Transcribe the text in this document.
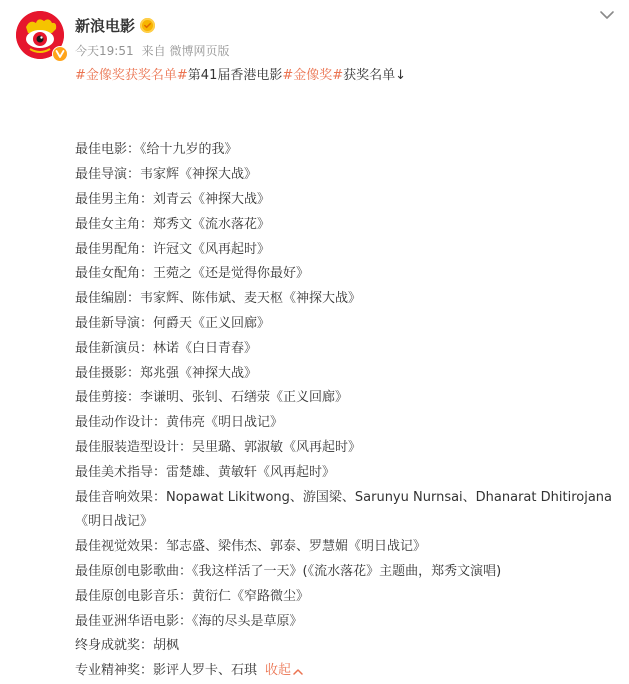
新浪电影
今天19:51 来自 微博网页版

#金像奖获奖名单#第41届香港电影#金像奖#获奖名单↓

最佳电影：《给十九岁的我》
最佳导演：韦家辉《神探大战》
最佳男主角：刘青云《神探大战》
最佳女主角：郑秀文《流水落花》
最佳男配角：许冠文《风再起时》
最佳女配角：王菀之《还是觉得你最好》
最佳编剧：韦家辉、陈伟斌、麦天枢《神探大战》
最佳新导演：何爵天《正义回廊》
最佳新演员：林诺《白日青春》
最佳摄影：郑兆强《神探大战》
最佳剪接：李谦明、张钊、石缮荥《正义回廊》
最佳动作设计：黄伟亮《明日战记》
最佳服装造型设计：吴里璐、郭淑敏《风再起时》
最佳美术指导：雷楚雄、黄敏轩《风再起时》
最佳音响效果：Nopawat Likitwong、游国梁、Sarunyu Nurnsai、Dhanarat Dhitirojana《明日战记》
最佳视觉效果：邹志盛、梁伟杰、郭泰、罗慧媚《明日战记》
最佳原创电影歌曲：《我这样活了一天》(《流水落花》主题曲，郑秀文演唱)
最佳原创电影音乐：黄衍仁《窄路微尘》
最佳亚洲华语电影：《海的尽头是草原》
终身成就奖：胡枫
专业精神奖：影评人罗卡、石琪 收起
